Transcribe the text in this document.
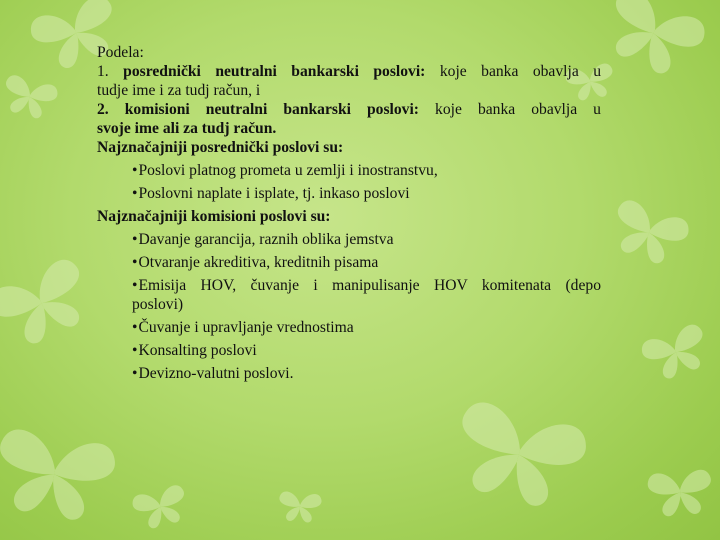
Podela:
1. posrednički neutralni bankarski poslovi: koje banka obavlja u
tudje ime i za tudj račun, i
2. komisioni neutralni bankarski poslovi: koje banka obavlja u
svoje ime ali za tudj račun.
Najznačajniji posrednički poslovi su:
•Poslovi platnog prometa u zemlji i inostranstvu,
•Poslovni naplate i isplate, tj. inkaso poslovi
Najznačajniji komisioni poslovi su:
•Davanje garancija, raznih oblika jemstva
•Otvaranje akreditiva, kreditnih pisama
•Emisija HOV, čuvanje i manipulisanje HOV komitenata (depo
poslovi)
•Čuvanje i upravljanje vrednostima
•Konsalting poslovi
•Devizno-valutni poslovi.
